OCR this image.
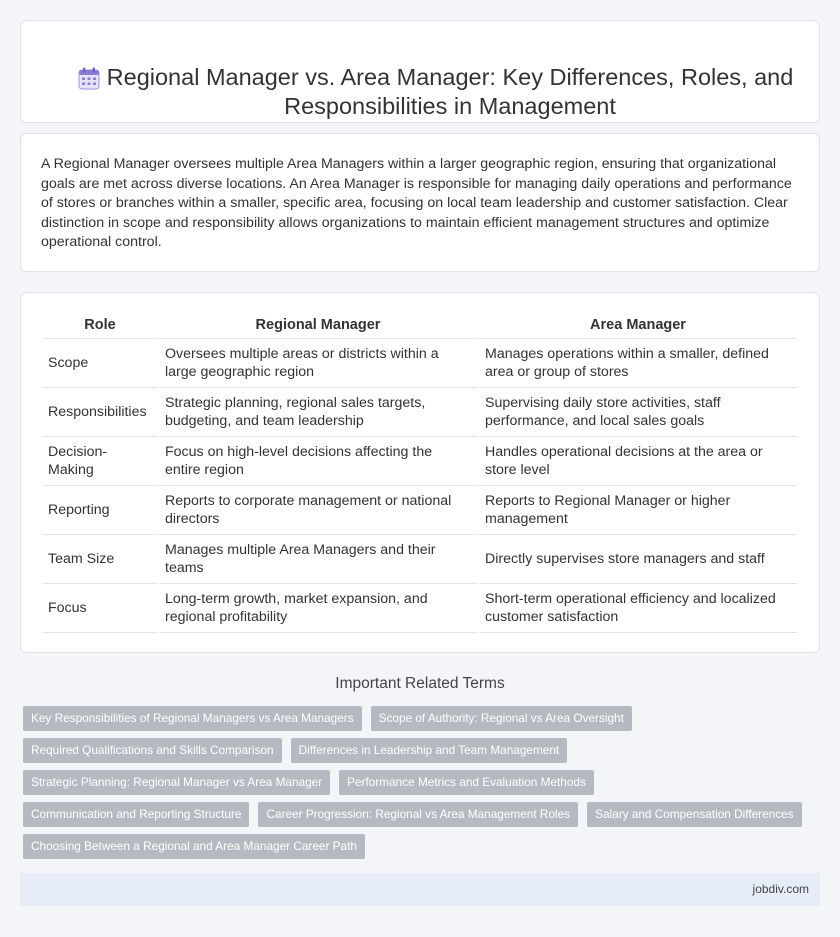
Regional Manager vs. Area Manager: Key Differences, Roles, and Responsibilities in Management

A Regional Manager oversees multiple Area Managers within a larger geographic region, ensuring that organizational goals are met across diverse locations. An Area Manager is responsible for managing daily operations and performance of stores or branches within a smaller, specific area, focusing on local team leadership and customer satisfaction. Clear distinction in scope and responsibility allows organizations to maintain efficient management structures and optimize operational control.

Role	Regional Manager	Area Manager
Scope	Oversees multiple areas or districts within a large geographic region	Manages operations within a smaller, defined area or group of stores
Responsibilities	Strategic planning, regional sales targets, budgeting, and team leadership	Supervising daily store activities, staff performance, and local sales goals
Decision-Making	Focus on high-level decisions affecting the entire region	Handles operational decisions at the area or store level
Reporting	Reports to corporate management or national directors	Reports to Regional Manager or higher management
Team Size	Manages multiple Area Managers and their teams	Directly supervises store managers and staff
Focus	Long-term growth, market expansion, and regional profitability	Short-term operational efficiency and localized customer satisfaction
Important Related Terms
Key Responsibilities of Regional Managers vs Area Managers	Scope of Authority: Regional vs Area Oversight
Required Qualifications and Skills Comparison	Differences in Leadership and Team Management
Strategic Planning: Regional Manager vs Area Manager	Performance Metrics and Evaluation Methods
Communication and Reporting Structure	Career Progression: Regional vs Area Management Roles	Salary and Compensation Differences
Choosing Between a Regional and Area Manager Career Path
jobdiv.com
